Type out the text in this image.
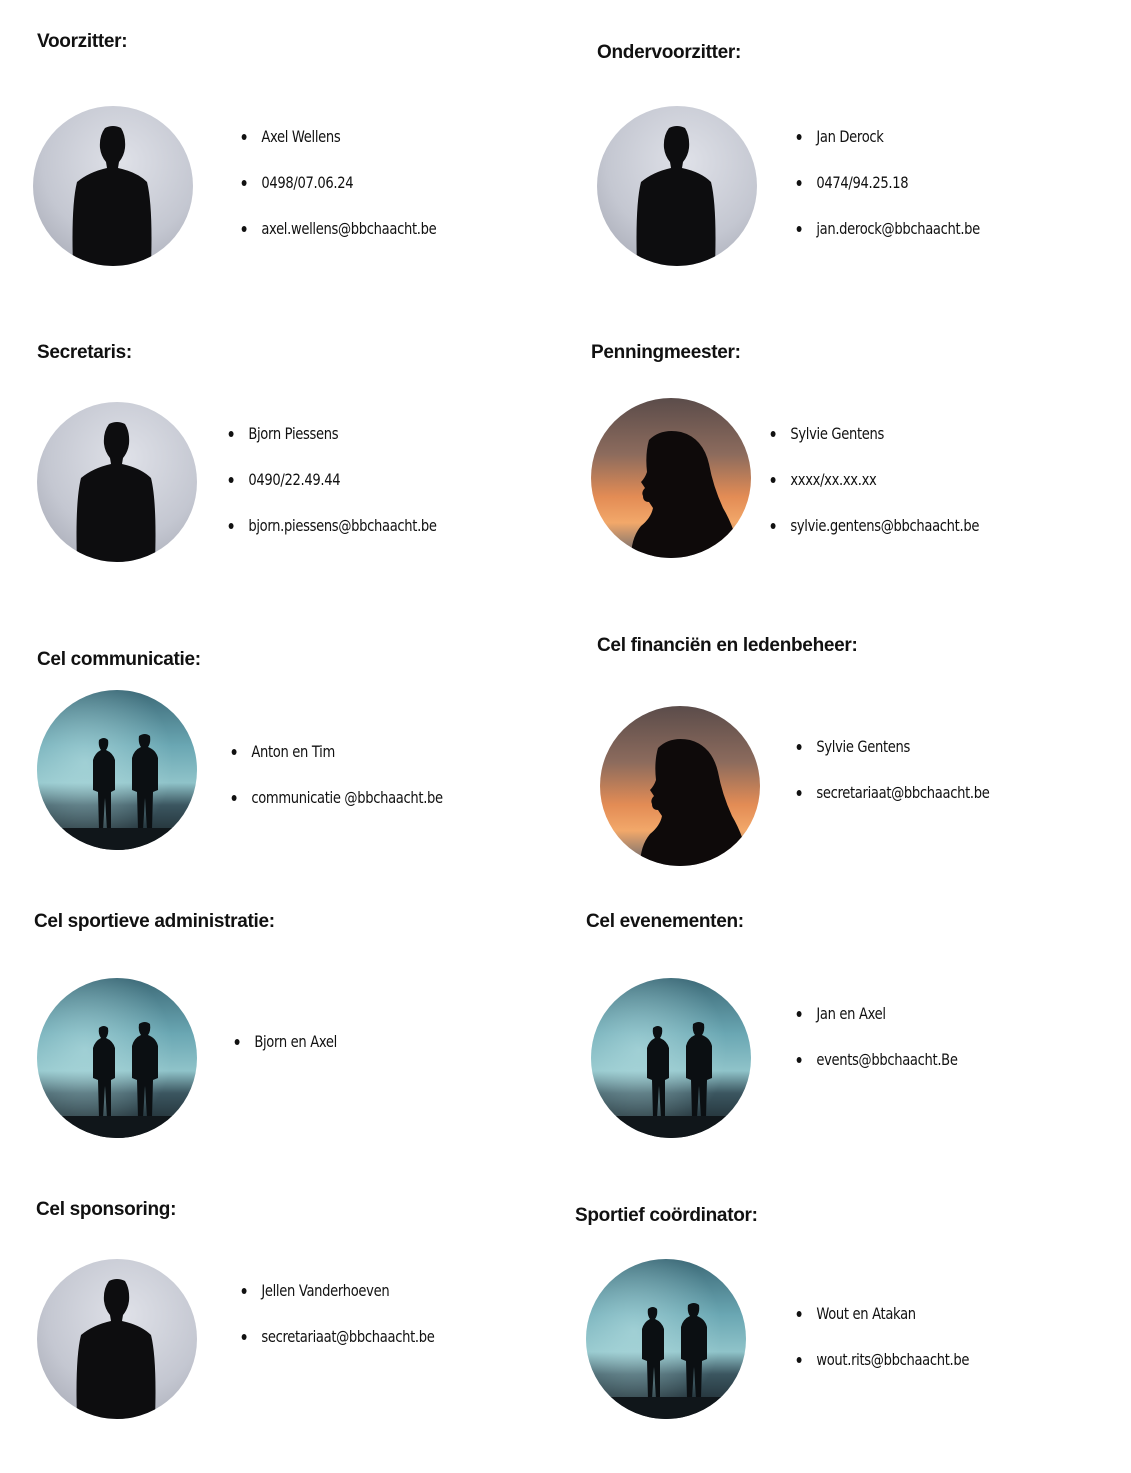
Voorzitter:
Axel Wellens
0498/07.06.24
axel.wellens@bbchaacht.be
Ondervoorzitter:
Jan Derock
0474/94.25.18
jan.derock@bbchaacht.be
Secretaris:
Bjorn Piessens
0490/22.49.44
bjorn.piessens@bbchaacht.be
Penningmeester:
Sylvie Gentens
xxxx/xx.xx.xx
sylvie.gentens@bbchaacht.be
Cel communicatie:
Anton en Tim
communicatie @bbchaacht.be
Cel financiën en ledenbeheer:
Sylvie Gentens
secretariaat@bbchaacht.be
Cel sportieve administratie:
Bjorn en Axel
Cel evenementen:
Jan en Axel
events@bbchaacht.Be
Cel sponsoring:
Jellen Vanderhoeven
secretariaat@bbchaacht.be
Sportief coördinator:
Wout en Atakan
wout.rits@bbchaacht.be
